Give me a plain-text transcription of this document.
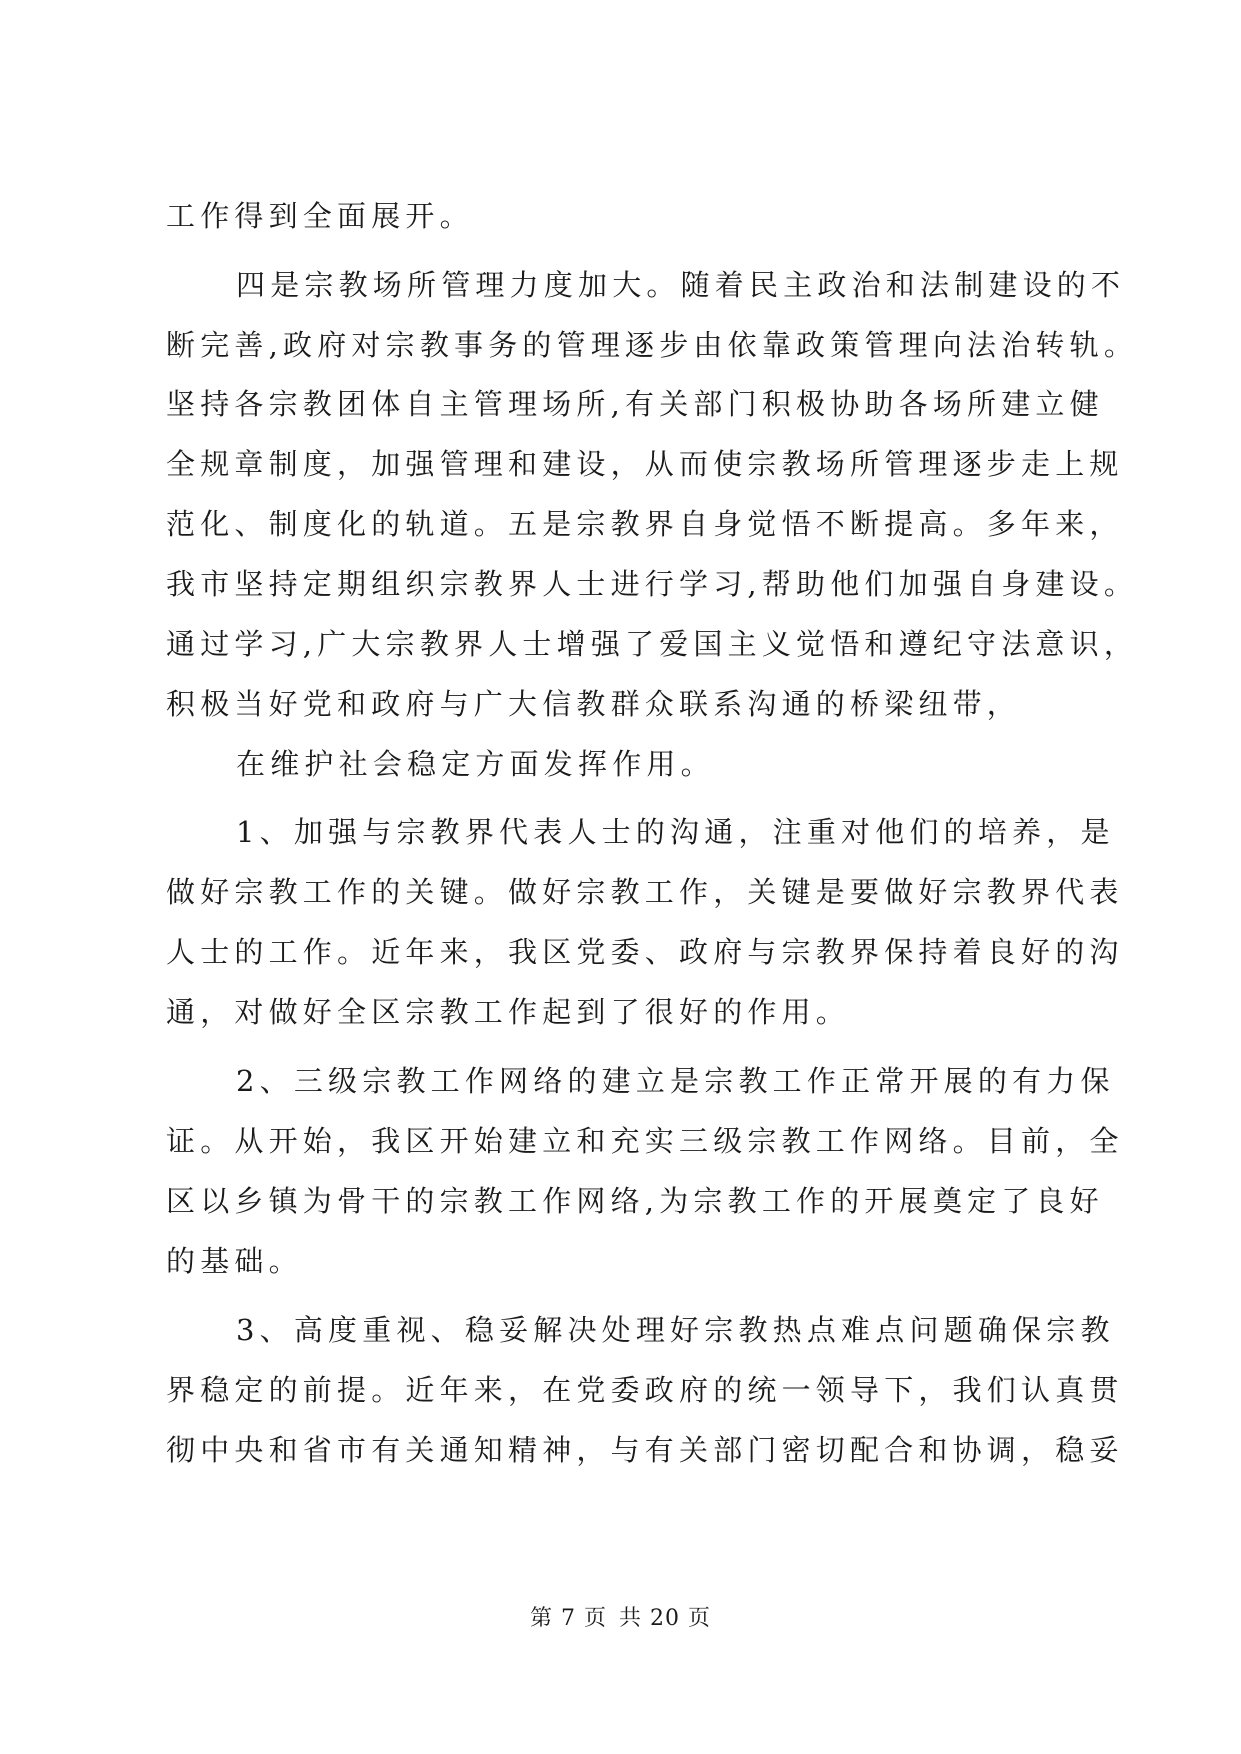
工作得到全面展开。
四是宗教场所管理力度加大。随着民主政治和法制建设的不
断完善,政府对宗教事务的管理逐步由依靠政策管理向法治转轨。
坚持各宗教团体自主管理场所,有关部门积极协助各场所建立健
全规章制度，加强管理和建设，从而使宗教场所管理逐步走上规
范化、制度化的轨道。五是宗教界自身觉悟不断提高。多年来，
我市坚持定期组织宗教界人士进行学习,帮助他们加强自身建设。
通过学习,广大宗教界人士增强了爱国主义觉悟和遵纪守法意识，
积极当好党和政府与广大信教群众联系沟通的桥梁纽带，
在维护社会稳定方面发挥作用。
1、加强与宗教界代表人士的沟通，注重对他们的培养，是
做好宗教工作的关键。做好宗教工作，关键是要做好宗教界代表
人士的工作。近年来，我区党委、政府与宗教界保持着良好的沟
通，对做好全区宗教工作起到了很好的作用。
2、三级宗教工作网络的建立是宗教工作正常开展的有力保
证。从开始，我区开始建立和充实三级宗教工作网络。目前，全
区以乡镇为骨干的宗教工作网络,为宗教工作的开展奠定了良好
的基础。
3、高度重视、稳妥解决处理好宗教热点难点问题确保宗教
界稳定的前提。近年来，在党委政府的统一领导下，我们认真贯
彻中央和省市有关通知精神，与有关部门密切配合和协调，稳妥
第 7 页 共 20 页
